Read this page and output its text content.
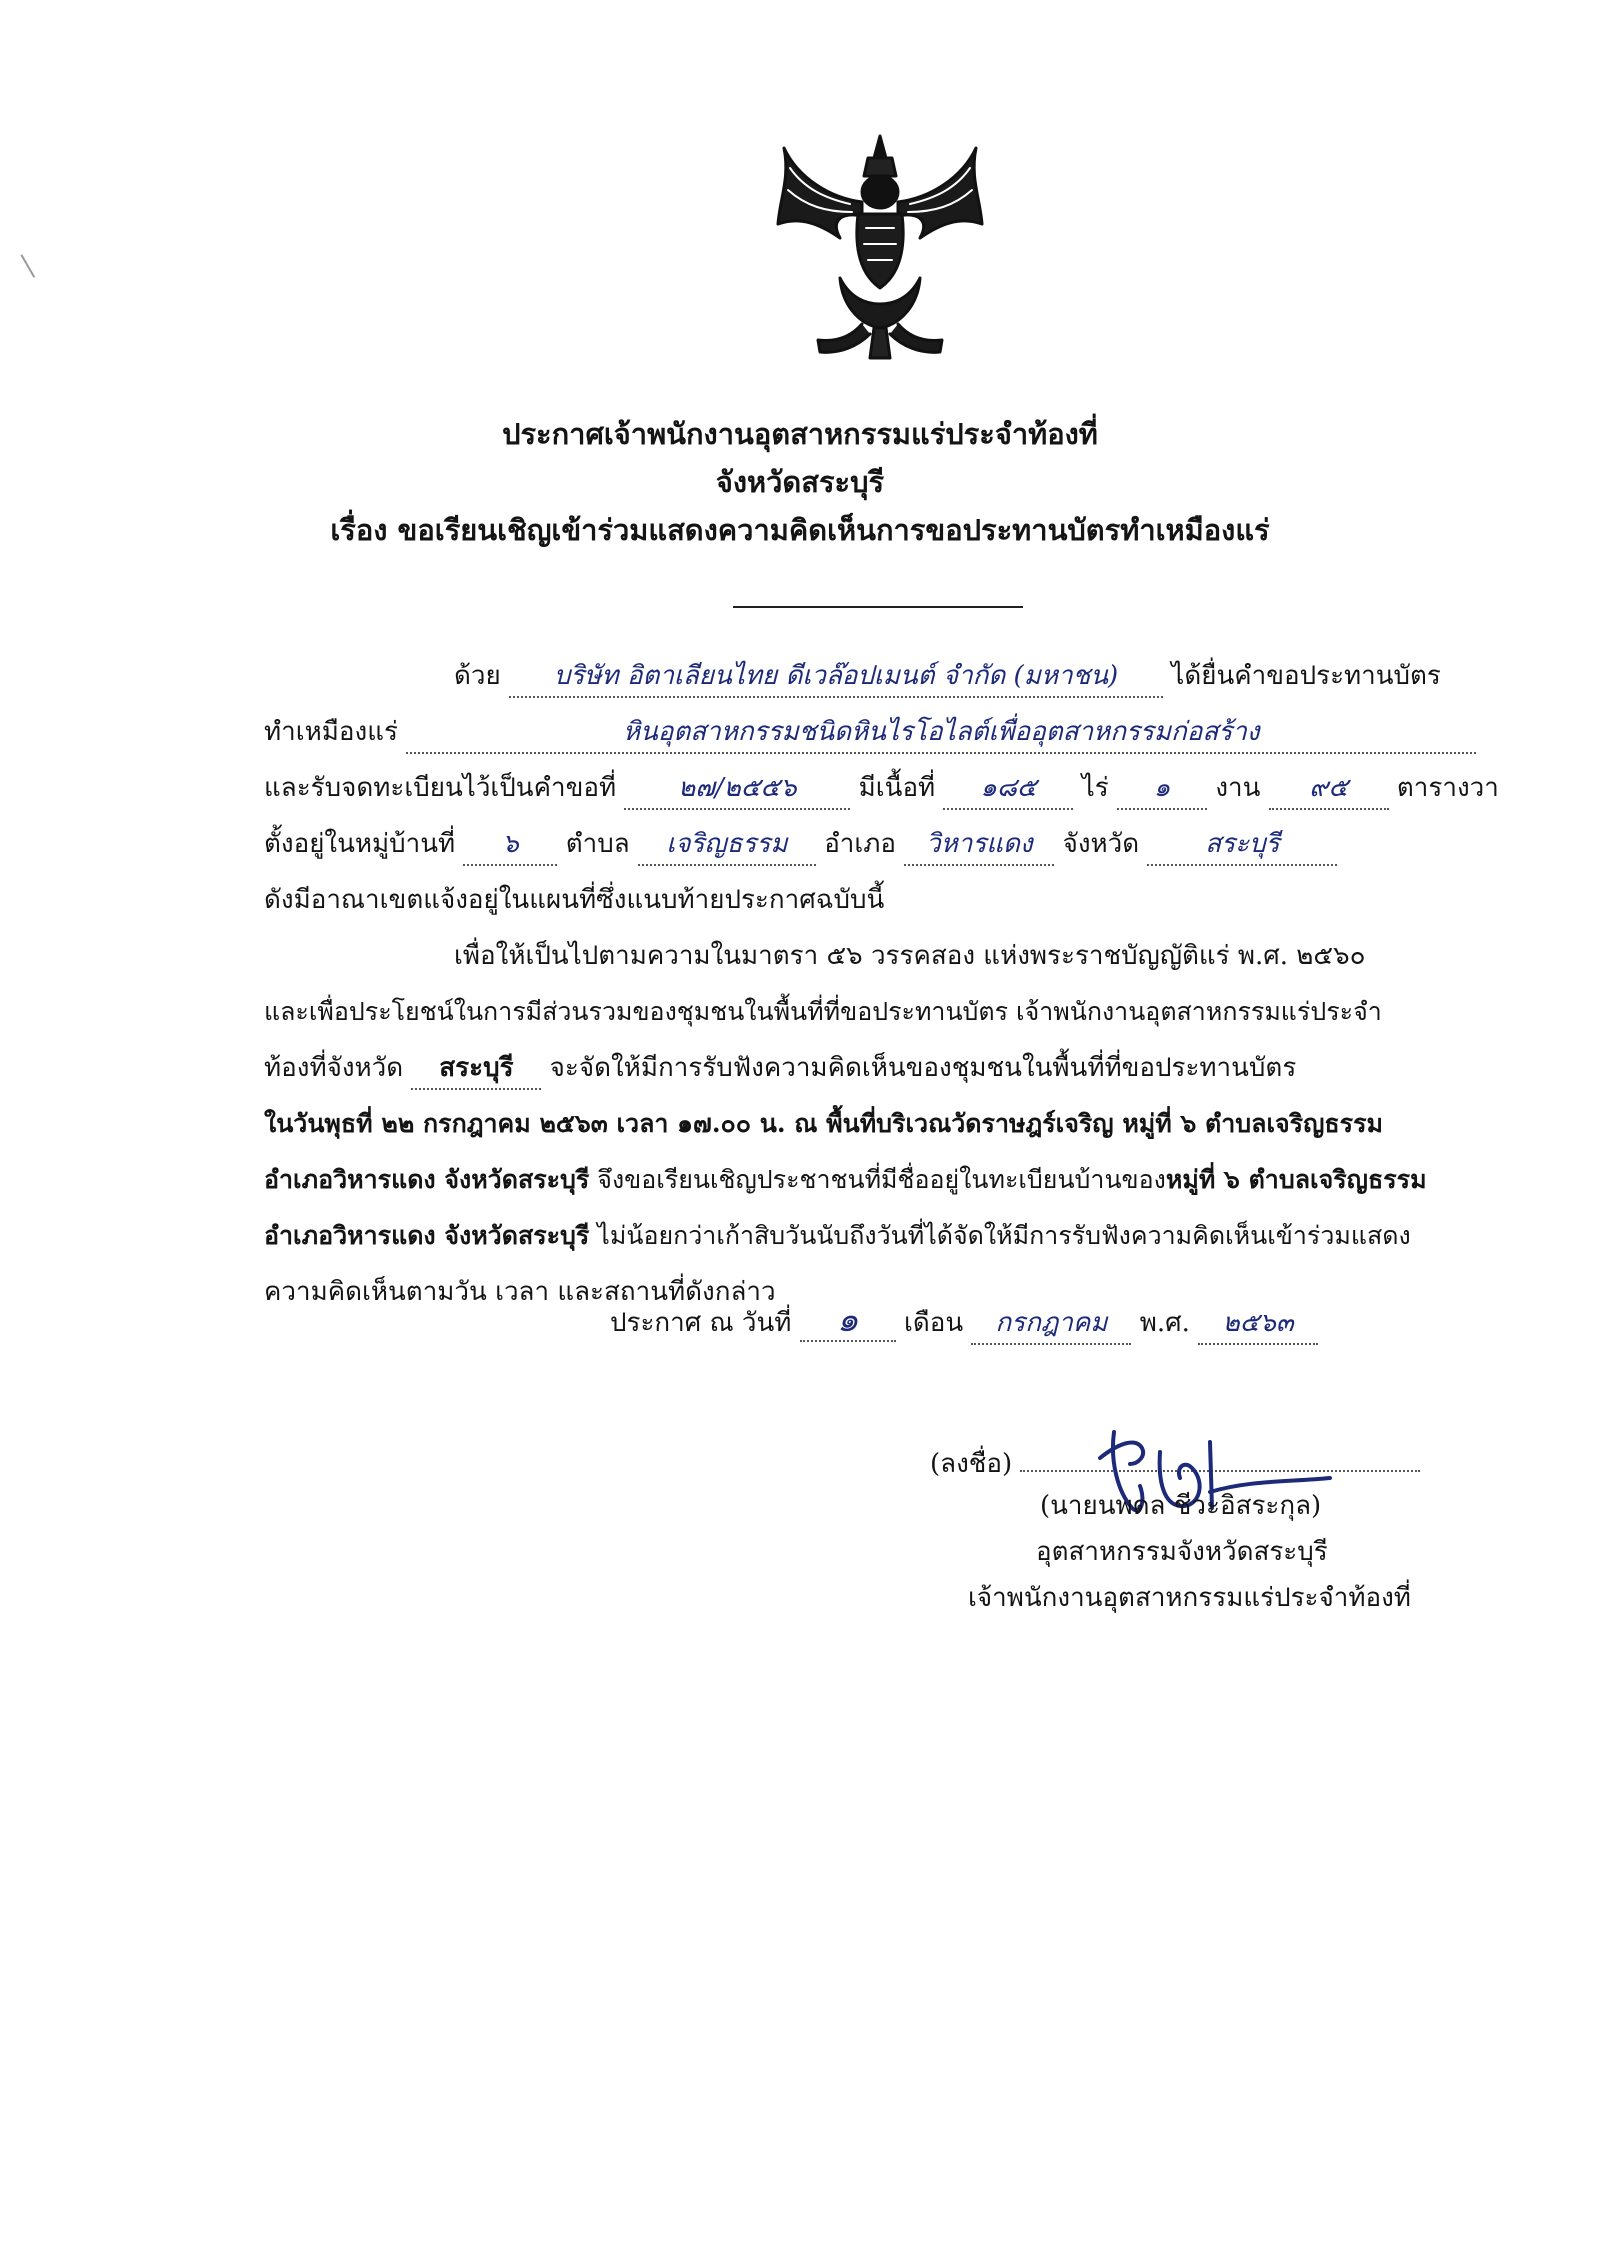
ประกาศเจ้าพนักงานอุตสาหกรรมแร่ประจำท้องที่
จังหวัดสระบุรี
เรื่อง ขอเรียนเชิญเข้าร่วมแสดงความคิดเห็นการขอประทานบัตรทำเหมืองแร่
ด้วย บริษัท อิตาเลียนไทย ดีเวล๊อปเมนต์ จำกัด (มหาชน) ได้ยื่นคำขอประทานบัตร
ทำเหมืองแร่	หินอุตสาหกรรมชนิดหินไรโอไลต์เพื่ออุตสาหกรรมก่อสร้าง
และรับจดทะเบียนไว้เป็นคำขอที่ ๒๗/๒๕๕๖ มีเนื้อที่ ๑๘๕ ไร่ ๑ งาน ๙๕ ตารางวา
ตั้งอยู่ในหมู่บ้านที่ ๖ ตำบล เจริญธรรม อำเภอ วิหารแดง จังหวัด	สระบุรี
ดังมีอาณาเขตแจ้งอยู่ในแผนที่ซึ่งแนบท้ายประกาศฉบับนี้
เพื่อให้เป็นไปตามความในมาตรา ๕๖ วรรคสอง แห่งพระราชบัญญัติแร่ พ.ศ. ๒๕๖๐
และเพื่อประโยชน์ในการมีส่วนรวมของชุมชนในพื้นที่ที่ขอประทานบัตร เจ้าพนักงานอุตสาหกรรมแร่ประจำ
ท้องที่จังหวัด สระบุรี จะจัดให้มีการรับฟังความคิดเห็นของชุมชนในพื้นที่ที่ขอประทานบัตร
ในวันพุธที่ ๒๒ กรกฎาคม ๒๕๖๓ เวลา ๑๗.๐๐ น. ณ พื้นที่บริเวณวัดราษฎร์เจริญ หมู่ที่ ๖ ตำบลเจริญธรรม
อำเภอวิหารแดง จังหวัดสระบุรี จึงขอเรียนเชิญประชาชนที่มีชื่ออยู่ในทะเบียนบ้านของหมู่ที่ ๖ ตำบลเจริญธรรม
อำเภอวิหารแดง จังหวัดสระบุรี ไม่น้อยกว่าเก้าสิบวันนับถึงวันที่ได้จัดให้มีการรับฟังความคิดเห็นเข้าร่วมแสดง
ความคิดเห็นตามวัน เวลา และสถานที่ดังกล่าว
ประกาศ ณ วันที่ ๑ เดือน กรกฎาคม พ.ศ. ๒๕๖๓
(ลงชื่อ)
(นายนพดล ชีวะอิสระกุล)
อุตสาหกรรมจังหวัดสระบุรี
เจ้าพนักงานอุตสาหกรรมแร่ประจำท้องที่
